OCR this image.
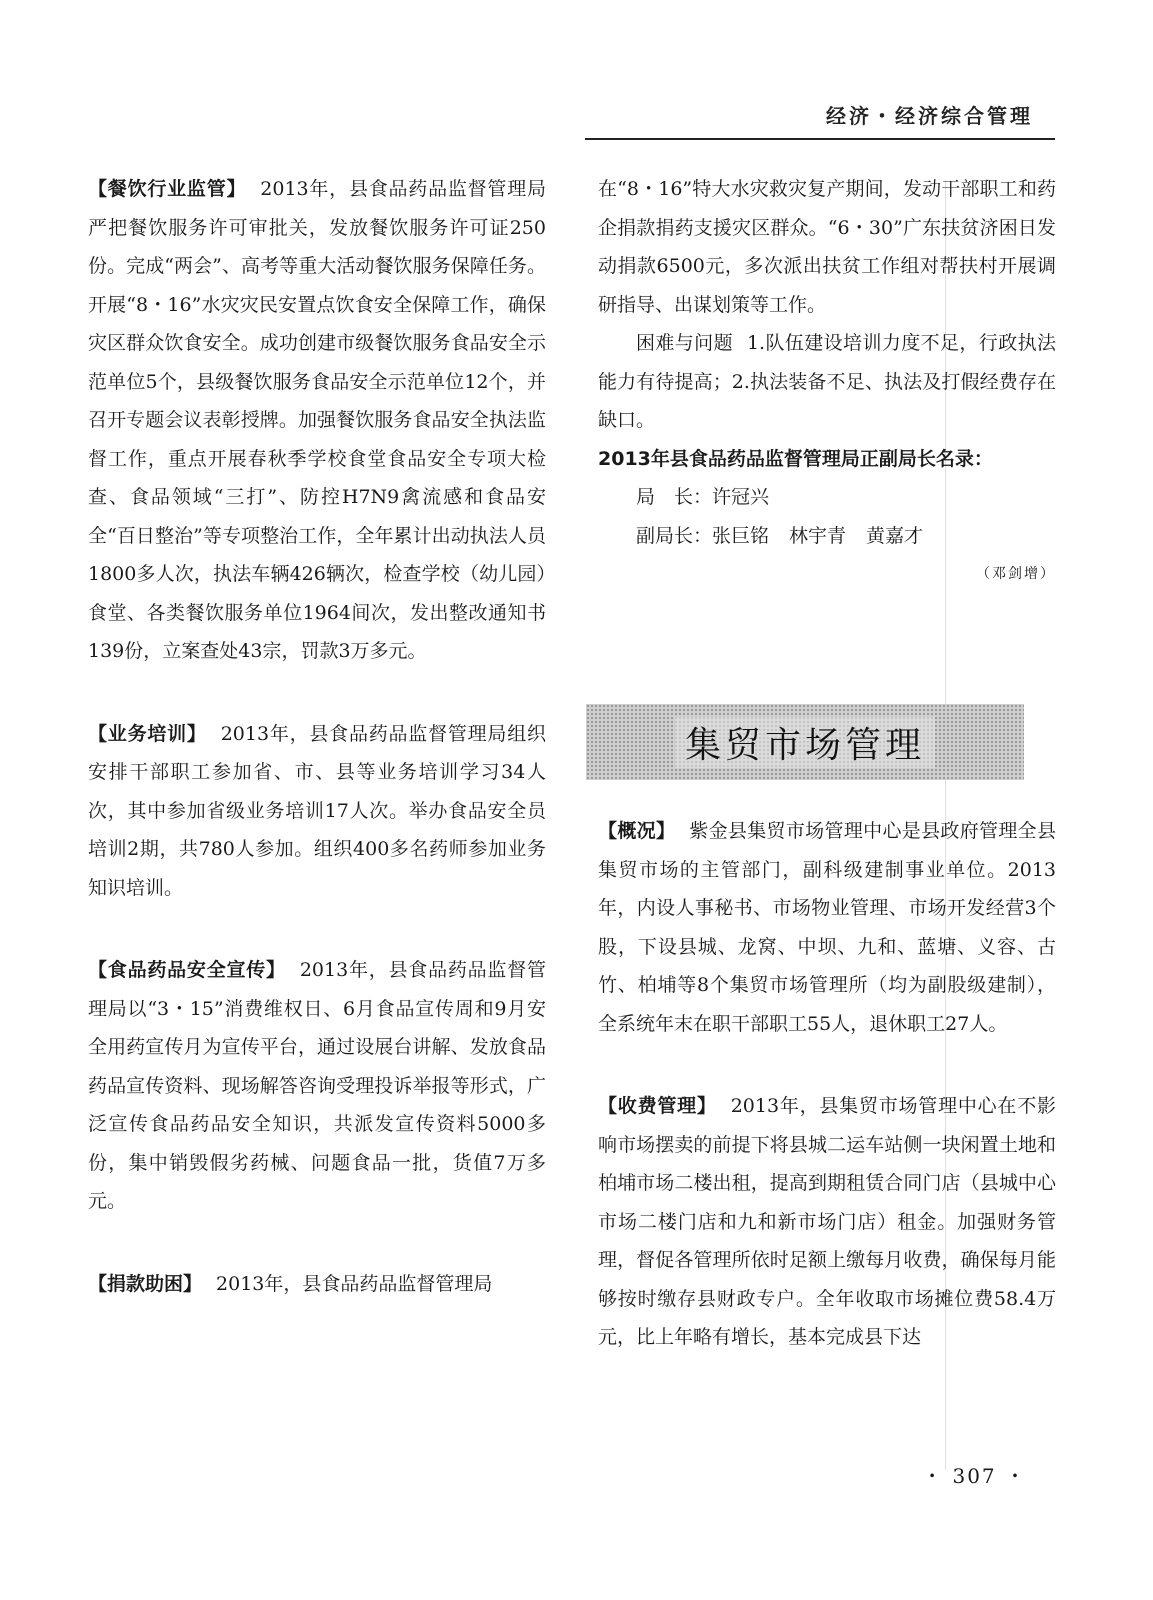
经济・经济综合管理

【餐饮行业监管】 2013年，县食品药品监督管理局严把餐饮服务许可审批关，发放餐饮服务许可证250份。完成“两会”、高考等重大活动餐饮服务保障任务。开展“8・16”水灾灾民安置点饮食安全保障工作，确保灾区群众饮食安全。成功创建市级餐饮服务食品安全示范单位5个，县级餐饮服务食品安全示范单位12个，并召开专题会议表彰授牌。加强餐饮服务食品安全执法监督工作，重点开展春秋季学校食堂食品安全专项大检查、食品领域“三打”、防控H7N9禽流感和食品安全“百日整治”等专项整治工作，全年累计出动执法人员1800多人次，执法车辆426辆次，检查学校（幼儿园）食堂、各类餐饮服务单位1964间次，发出整改通知书139份，立案查处43宗，罚款3万多元。

【业务培训】 2013年，县食品药品监督管理局组织安排干部职工参加省、市、县等业务培训学习34人次，其中参加省级业务培训17人次。举办食品安全员培训2期，共780人参加。组织400多名药师参加业务知识培训。

【食品药品安全宣传】 2013年，县食品药品监督管理局以“3・15”消费维权日、6月食品宣传周和9月安全用药宣传月为宣传平台，通过设展台讲解、发放食品药品宣传资料、现场解答咨询受理投诉举报等形式，广泛宣传食品药品安全知识，共派发宣传资料5000多份，集中销毁假劣药械、问题食品一批，货值7万多元。

【捐款助困】 2013年，县食品药品监督管理局

在“8・16”特大水灾救灾复产期间，发动干部职工和药企捐款捐药支援灾区群众。“6・30”广东扶贫济困日发动捐款6500元，多次派出扶贫工作组对帮扶村开展调研指导、出谋划策等工作。

困难与问题 1.队伍建设培训力度不足，行政执法能力有待提高；2.执法装备不足、执法及打假经费存在缺口。

2013年县食品药品监督管理局正副局长名录：

局　长：许冠兴

副局长：张巨铭 林宇青 黄嘉才

（邓剑增）

集贸市场管理

【概况】 紫金县集贸市场管理中心是县政府管理全县集贸市场的主管部门，副科级建制事业单位。2013年，内设人事秘书、市场物业管理、市场开发经营3个股，下设县城、龙窝、中坝、九和、蓝塘、义容、古竹、柏埔等8个集贸市场管理所（均为副股级建制），全系统年末在职干部职工55人，退休职工27人。

【收费管理】 2013年，县集贸市场管理中心在不影响市场摆卖的前提下将县城二运车站侧一块闲置土地和柏埔市场二楼出租，提高到期租赁合同门店（县城中心市场二楼门店和九和新市场门店）租金。加强财务管理，督促各管理所依时足额上缴每月收费，确保每月能够按时缴存县财政专户。全年收取市场摊位费58.4万元，比上年略有增长，基本完成县下达

・ 307 ・
